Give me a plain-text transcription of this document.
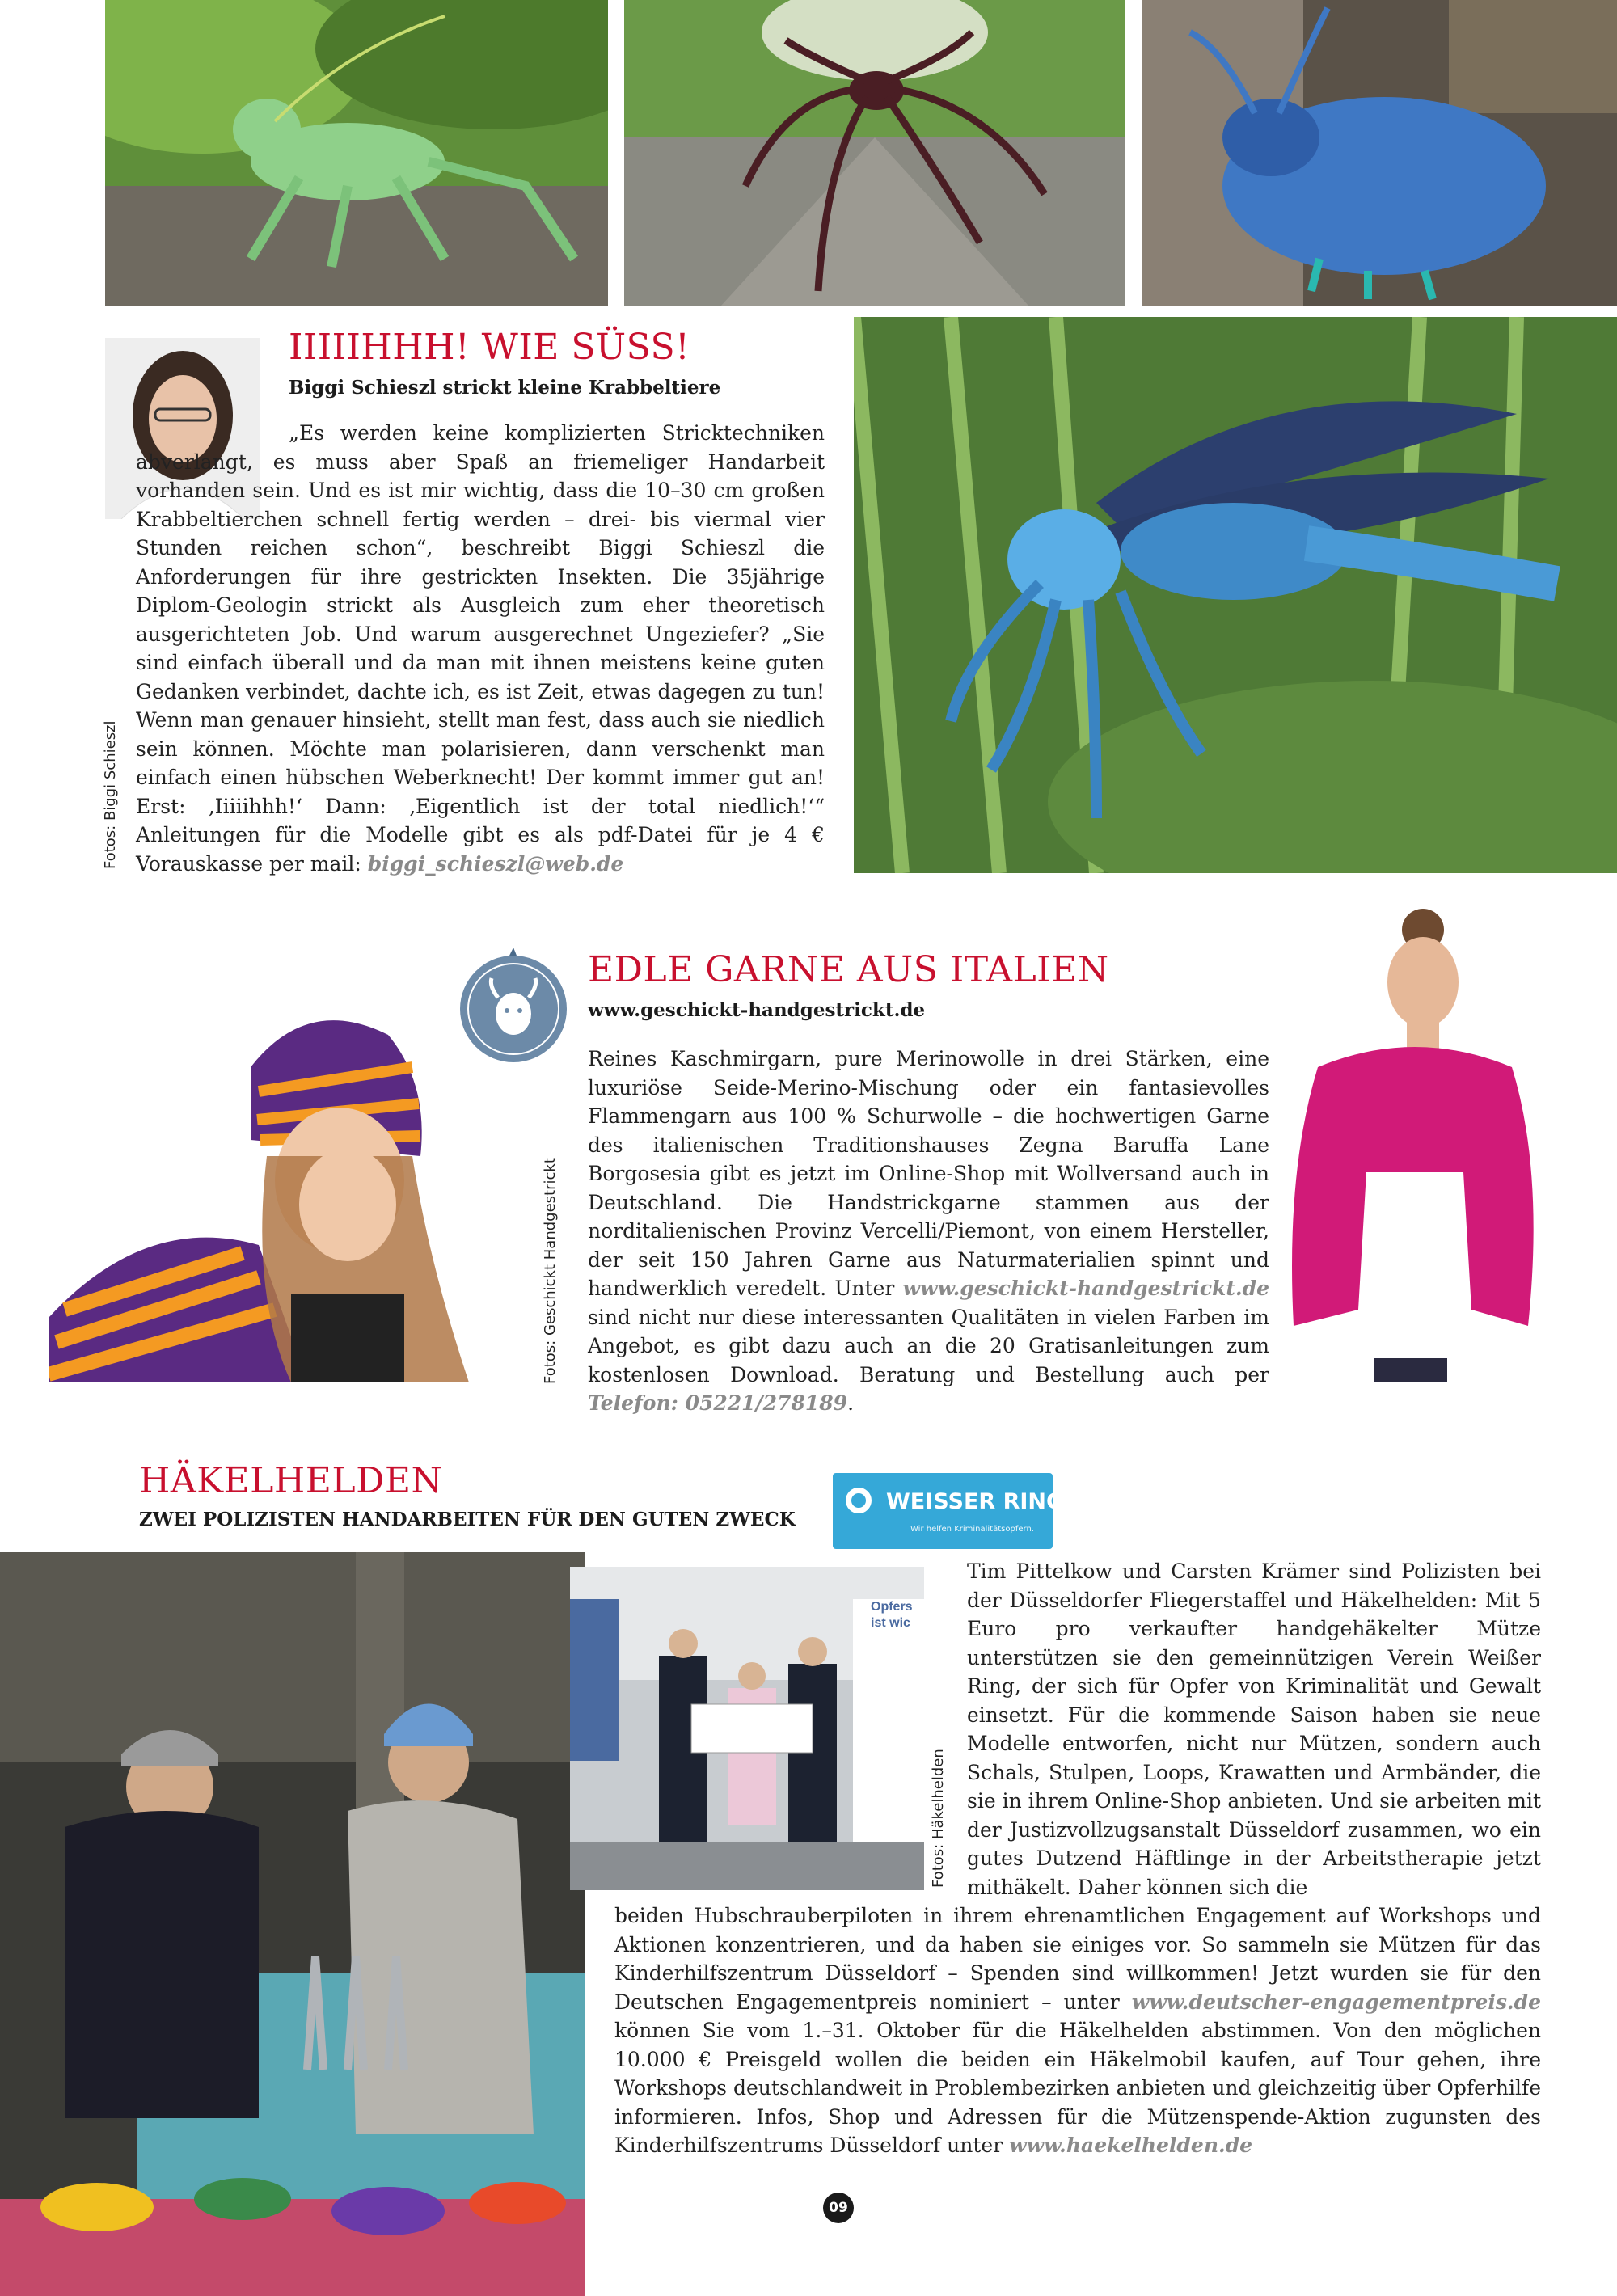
IIIIIHHH! WIE SÜSS!
Biggi Schieszl strickt kleine Krabbeltiere
„Es werden keine komplizierten Stricktechniken abverlangt, es muss aber Spaß an friemeliger Handarbeit vorhanden sein. Und es ist mir wichtig, dass die 10–30 cm großen Krabbeltierchen schnell fertig werden – drei- bis viermal vier Stunden reichen schon“, beschreibt Biggi Schieszl die Anforderungen für ihre gestrickten Insekten. Die 35jährige Diplom-Geologin strickt als Ausgleich zum eher theoretisch ausgerichteten Job. Und warum ausgerechnet Ungeziefer? „Sie sind einfach überall und da man mit ihnen meistens keine guten Gedanken verbindet, dachte ich, es ist Zeit, etwas dagegen zu tun! Wenn man genauer hinsieht, stellt man fest, dass auch sie niedlich sein können. Möchte man polarisieren, dann verschenkt man einfach einen hübschen Weberknecht! Der kommt immer gut an! Erst: ‚Iiiiihhh!‘ Dann: ‚Eigentlich ist der total niedlich!‘“ Anleitungen für die Modelle gibt es als pdf-Datei für je 4 € Vorauskasse per mail: biggi_schieszl@web.de
Fotos: Biggi Schieszl
EDLE GARNE AUS ITALIEN
www.geschickt-handgestrickt.de
Reines Kaschmirgarn, pure Merinowolle in drei Stärken, eine luxuriöse Seide-Merino-Mischung oder ein fantasievolles Flammengarn aus 100 % Schurwolle – die hochwertigen Garne des italienischen Traditionshauses Zegna Baruffa Lane Borgosesia gibt es jetzt im Online-Shop mit Wollversand auch in Deutschland. Die Handstrickgarne stammen aus der norditalienischen Provinz Vercelli/Piemont, von einem Hersteller, der seit 150 Jahren Garne aus Naturmaterialien spinnt und handwerklich veredelt. Unter www.geschickt-handgestrickt.de sind nicht nur diese interessanten Qualitäten in vielen Farben im Angebot, es gibt dazu auch an die 20 Gratisanleitungen zum kostenlosen Download. Beratung und Bestellung auch per Telefon: 05221/278189.
Fotos: Geschickt Handgestrickt
HÄKELHELDEN
ZWEI POLIZISTEN HANDARBEITEN FÜR DEN GUTEN ZWECK
WEISSER RING
Wir helfen Kriminalitätsopfern.
Opfers
ist wic
Fotos: Häkelhelden
Tim Pittelkow und Carsten Krämer sind Polizisten bei der Düsseldorfer Fliegerstaffel und Häkelhelden: Mit 5 Euro pro verkaufter handgehäkelter Mütze unterstützen sie den gemeinnützigen Verein Weißer Ring, der sich für Opfer von Kriminalität und Gewalt einsetzt. Für die kommende Saison haben sie neue Modelle entworfen, nicht nur Mützen, sondern auch Schals, Stulpen, Loops, Krawatten und Armbänder, die sie in ihrem Online-Shop anbieten. Und sie arbeiten mit der Justizvollzugsanstalt Düsseldorf zusammen, wo ein gutes Dutzend Häftlinge in der Arbeitstherapie jetzt mithäkelt. Daher können sich die
beiden Hubschrauberpiloten in ihrem ehrenamtlichen Engagement auf Workshops und Aktionen konzentrieren, und da haben sie einiges vor. So sammeln sie Mützen für das Kinderhilfszentrum Düsseldorf – Spenden sind willkommen! Jetzt wurden sie für den Deutschen Engagementpreis nominiert – unter www.deutscher-engagementpreis.de können Sie vom 1.–31. Oktober für die Häkelhelden abstimmen. Von den möglichen 10.000 € Preisgeld wollen die beiden ein Häkelmobil kaufen, auf Tour gehen, ihre Workshops deutschlandweit in Problembezirken anbieten und gleichzeitig über Opferhilfe informieren. Infos, Shop und Adressen für die Mützenspende-Aktion zugunsten des Kinderhilfszentrums Düsseldorf unter www.haekelhelden.de
09
